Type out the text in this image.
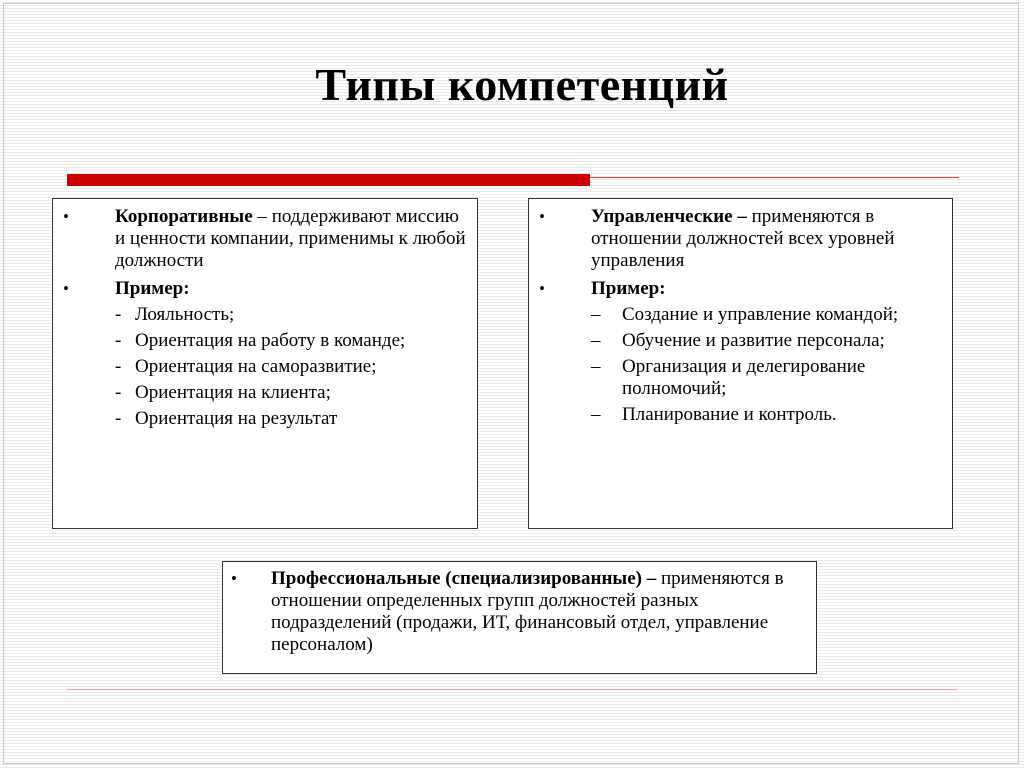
Типы компетенций
• Корпоративные – поддерживают миссию и ценности компании, применимы к любой должности
• Пример:
- Лояльность;
- Ориентация на работу в команде;
- Ориентация на саморазвитие;
- Ориентация на клиента;
- Ориентация на результат
• Управленческие – применяются в отношении должностей всех уровней управления
• Пример:
– Создание и управление командой;
– Обучение и развитие персонала;
– Организация и делегирование полномочий;
– Планирование и контроль.
• Профессиональные (специализированные) – применяются в отношении определенных групп должностей разных подразделений (продажи, ИТ, финансовый отдел, управление персоналом)
